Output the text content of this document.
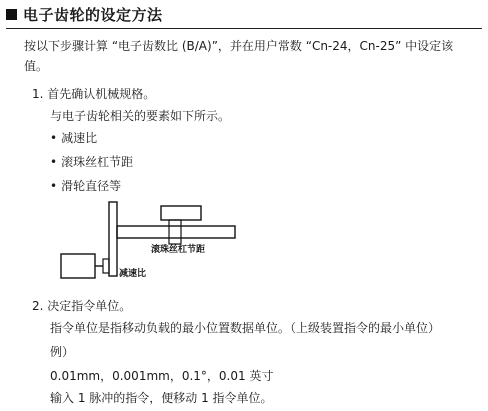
电子齿轮的设定方法
按以下步骤计算 “电子齿数比 (B/A)”，并在用户常数 “Cn-24，Cn-25” 中设定该
值。
1. 首先确认机械规格。
与电子齿轮相关的要素如下所示。
• 减速比
• 滚珠丝杠节距
• 滑轮直径等
滚珠丝杠节距
减速比
2. 决定指令单位。
指令单位是指移动负载的最小位置数据单位。（上级装置指令的最小单位）
例）
0.01mm，0.001mm，0.1°，0.01 英寸
输入 1 脉冲的指令，便移动 1 指令单位。
